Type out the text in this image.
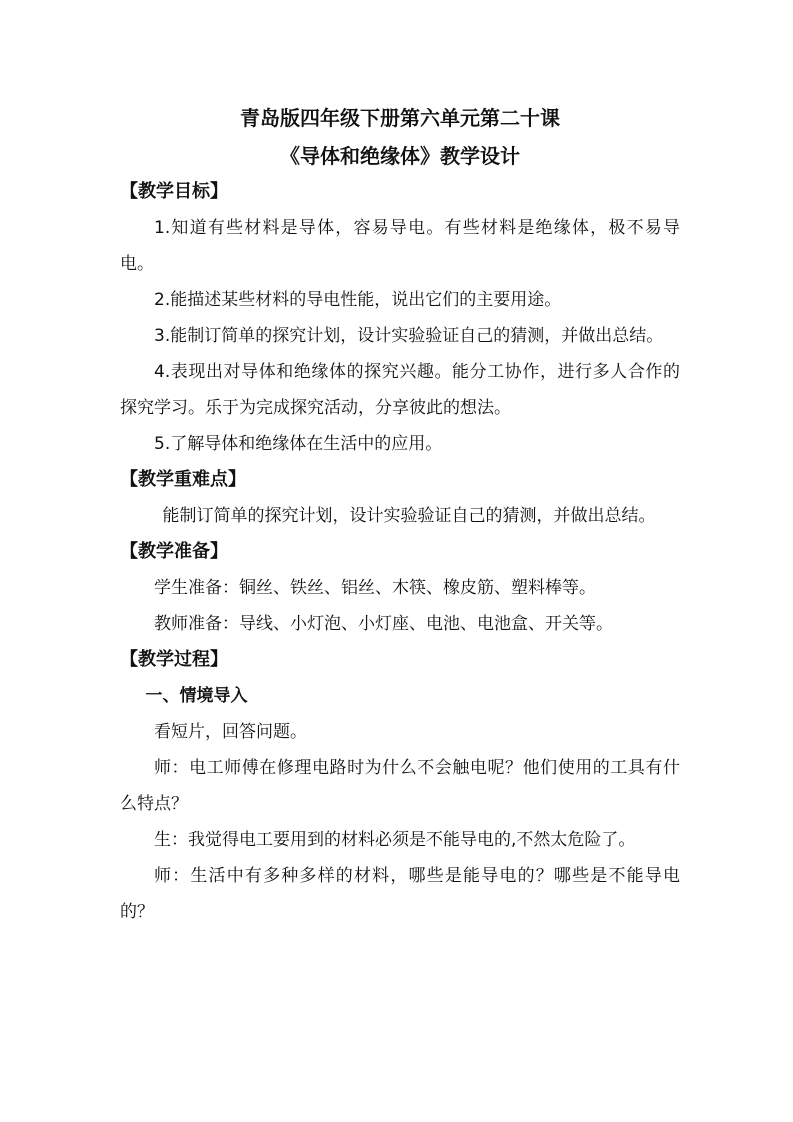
青岛版四年级下册第六单元第二十课

《导体和绝缘体》教学设计

【教学目标】

1.知道有些材料是导体，容易导电。有些材料是绝缘体，极不易导电。

2.能描述某些材料的导电性能，说出它们的主要用途。

3.能制订简单的探究计划，设计实验验证自己的猜测，并做出总结。

4.表现出对导体和绝缘体的探究兴趣。能分工协作，进行多人合作的探究学习。乐于为完成探究活动，分享彼此的想法。

5.了解导体和绝缘体在生活中的应用。

【教学重难点】

能制订简单的探究计划，设计实验验证自己的猜测，并做出总结。

【教学准备】

学生准备：铜丝、铁丝、铝丝、木筷、橡皮筋、塑料棒等。

教师准备：导线、小灯泡、小灯座、电池、电池盒、开关等。

【教学过程】

一、情境导入

看短片，回答问题。

师：电工师傅在修理电路时为什么不会触电呢？他们使用的工具有什么特点？

生：我觉得电工要用到的材料必须是不能导电的,不然太危险了。

师：生活中有多种多样的材料，哪些是能导电的？哪些是不能导电的？
